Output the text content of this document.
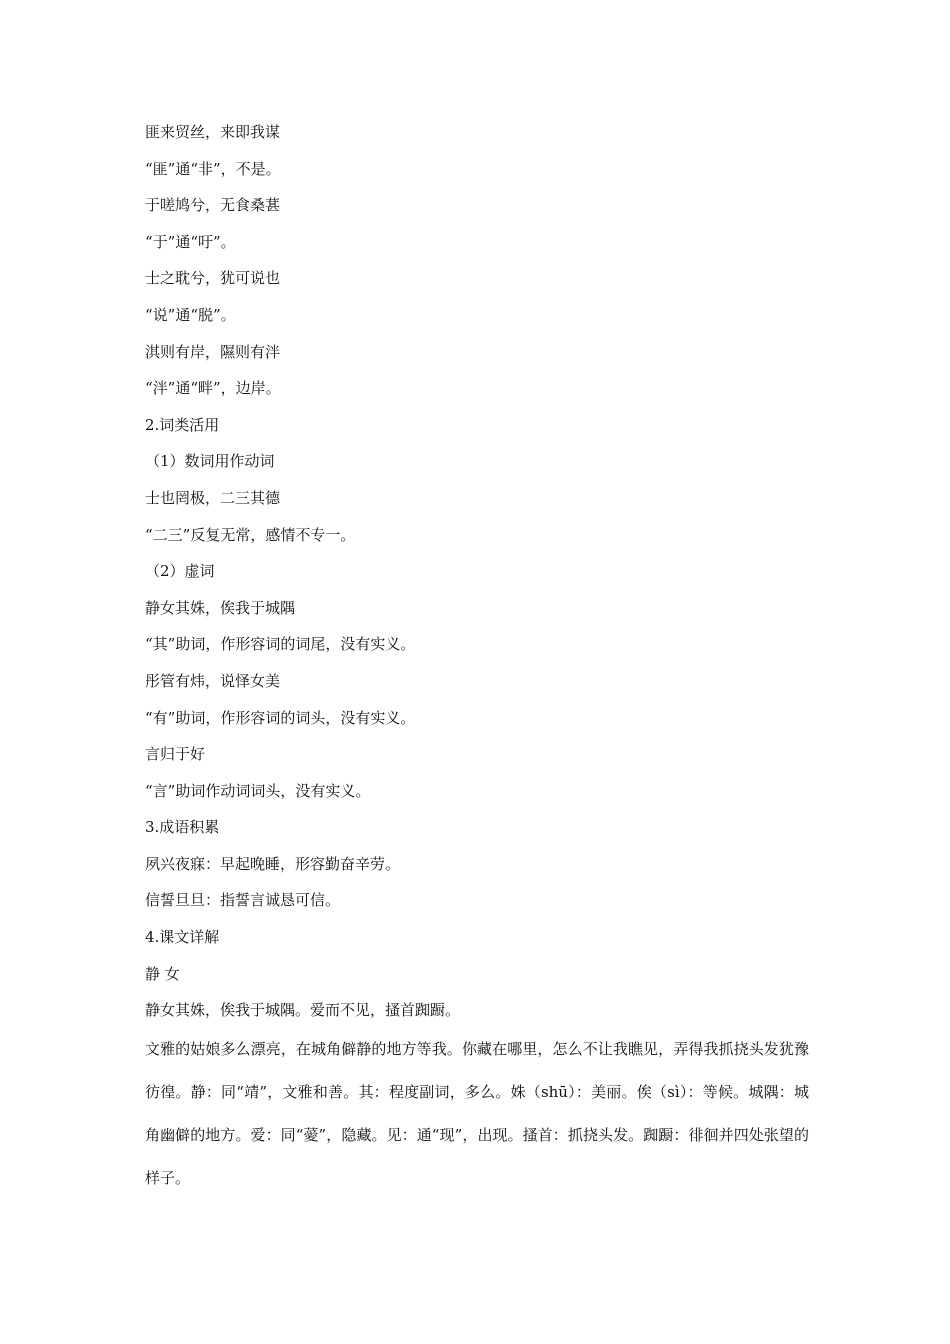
匪来贸丝，来即我谋
“匪”通“非”，不是。
于嗟鸠兮，无食桑葚
“于”通“吁”。
士之耽兮，犹可说也
“说”通“脱”。
淇则有岸，隰则有泮
“泮”通“畔”，边岸。
2.词类活用
（1）数词用作动词
士也罔极，二三其德
“二三”反复无常，感情不专一。
（2）虚词
静女其姝，俟我于城隅
“其”助词，作形容词的词尾，没有实义。
彤管有炜，说怿女美
“有”助词，作形容词的词头，没有实义。
言归于好
“言”助词作动词词头，没有实义。
3.成语积累
夙兴夜寐：早起晚睡，形容勤奋辛劳。
信誓旦旦：指誓言诚恳可信。
4.课文详解
静 女
静女其姝，俟我于城隅。爱而不见，搔首踟蹰。
文雅的姑娘多么漂亮，在城角僻静的地方等我。你藏在哪里，怎么不让我瞧见，弄得我抓挠头发犹豫彷徨。静：同“靖”，文雅和善。其：程度副词，多么。姝（shū）：美丽。俟（sì）：等候。城隅：城角幽僻的地方。爱：同“薆”，隐藏。见：通“现”，出现。搔首：抓挠头发。踟蹰：徘徊并四处张望的样子。
